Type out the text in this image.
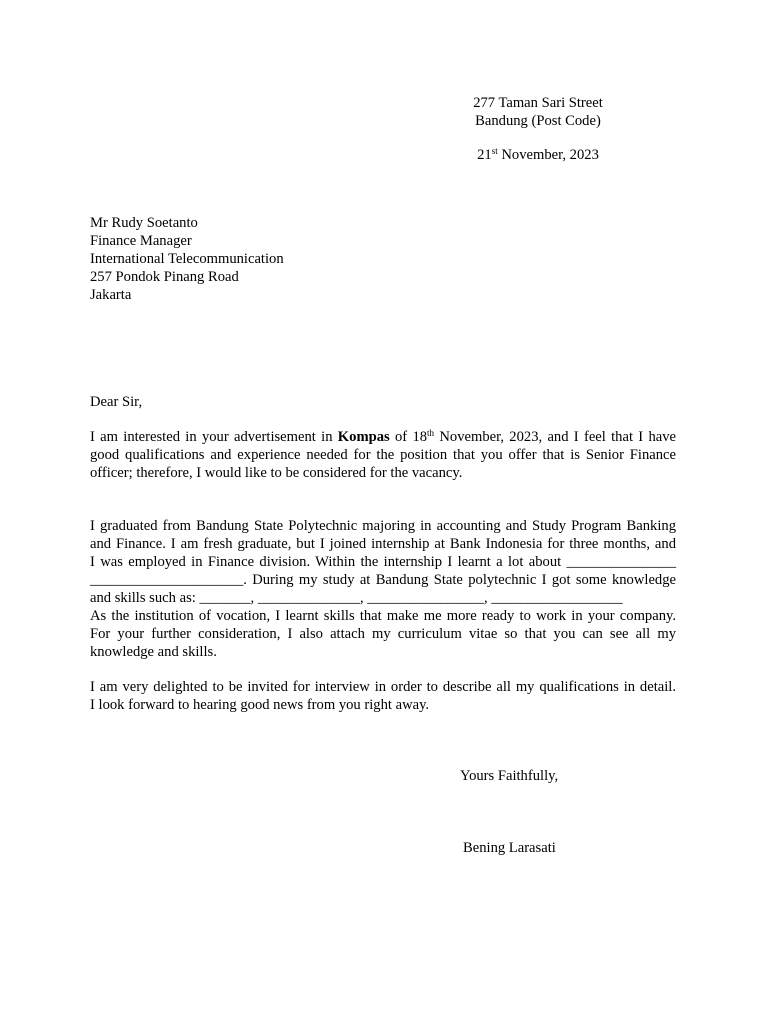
277 Taman Sari Street
Bandung (Post Code)
21st November, 2023
Mr Rudy Soetanto
Finance Manager
International Telecommunication
257 Pondok Pinang Road
Jakarta
Dear Sir,
I am interested in your advertisement in Kompas of 18th November, 2023, and I feel that I have
good qualifications and experience needed for the position that you offer that is Senior Finance
officer; therefore, I would like to be considered for the vacancy.
I graduated from Bandung State Polytechnic majoring in accounting and Study Program Banking
and Finance. I am fresh graduate, but I joined internship at Bank Indonesia for three months, and
I was employed in Finance division. Within the internship I learnt a lot about _______________
_____________________. During my study at Bandung State polytechnic I got some knowledge
and skills such as: _______, ______________, ________________, __________________
As the institution of vocation, I learnt skills that make me more ready to work in your company.
For your further consideration, I also attach my curriculum vitae so that you can see all my
knowledge and skills.
I am very delighted to be invited for interview in order to describe all my qualifications in detail.
I look forward to hearing good news from you right away.
Yours Faithfully,
Bening Larasati
